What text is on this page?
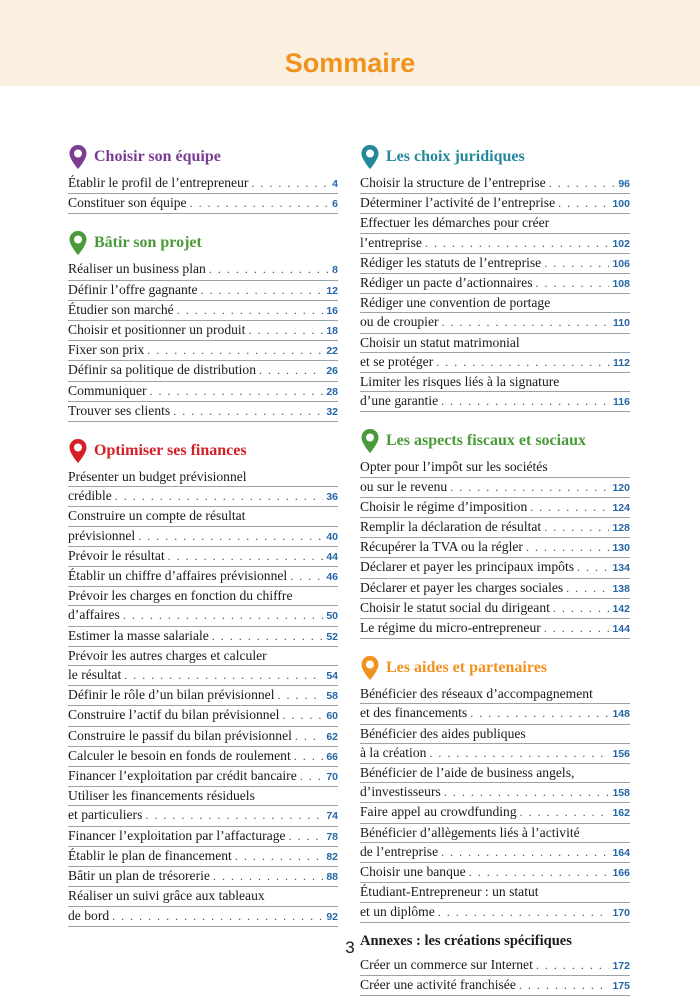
Sommaire
Choisir son équipe
Établir le profil de l’entrepreneur . . .	4
Constituer son équipe . . .	6
Bâtir son projet
Réaliser un business plan . . .	8
Définir l’offre gagnante . . .	12
Étudier son marché . . .	16
Choisir et positionner un produit . . .	18
Fixer son prix . . .	22
Définir sa politique de distribution . . .	26
Communiquer . . .	28
Trouver ses clients . . .	32
Optimiser ses finances
Présenter un budget prévisionnel
crédible . . .	36
Construire un compte de résultat
prévisionnel . . .	40
Prévoir le résultat . . .	44
Établir un chiffre d’affaires prévisionnel . . .	46
Prévoir les charges en fonction du chiffre
d’affaires . . .	50
Estimer la masse salariale . . .	52
Prévoir les autres charges et calculer
le résultat . . .	54
Définir le rôle d’un bilan prévisionnel . . .	58
Construire l’actif du bilan prévisionnel . . .	60
Construire le passif du bilan prévisionnel . . .	62
Calculer le besoin en fonds de roulement . . .	66
Financer l’exploitation par crédit bancaire . . .	70
Utiliser les financements résiduels
et particuliers . . .	74
Financer l’exploitation par l’affacturage . . .	78
Établir le plan de financement . . .	82
Bâtir un plan de trésorerie . . .	88
Réaliser un suivi grâce aux tableaux
de bord . . .	92
Les choix juridiques
Choisir la structure de l’entreprise . . .	96
Déterminer l’activité de l’entreprise . . .	100
Effectuer les démarches pour créer
l’entreprise . . .	102
Rédiger les statuts de l’entreprise . . .	106
Rédiger un pacte d’actionnaires . . .	108
Rédiger une convention de portage
ou de croupier . . .	110
Choisir un statut matrimonial
et se protéger . . .	112
Limiter les risques liés à la signature
d’une garantie . . .	116
Les aspects fiscaux et sociaux
Opter pour l’impôt sur les sociétés
ou sur le revenu . . .	120
Choisir le régime d’imposition . . .	124
Remplir la déclaration de résultat . . .	128
Récupérer la TVA ou la régler . . .	130
Déclarer et payer les principaux impôts . . .	134
Déclarer et payer les charges sociales . . .	138
Choisir le statut social du dirigeant . . .	142
Le régime du micro-entrepreneur . . .	144
Les aides et partenaires
Bénéficier des réseaux d’accompagnement
et des financements . . .	148
Bénéficier des aides publiques
à la création . . .	156
Bénéficier de l’aide de business angels,
d’investisseurs . . .	158
Faire appel au crowdfunding . . .	162
Bénéficier d’allègements liés à l’activité
de l’entreprise . . .	164
Choisir une banque . . .	166
Étudiant-Entrepreneur : un statut
et un diplôme . . .	170
Annexes : les créations spécifiques
Créer un commerce sur Internet . . .	172
Créer une activité franchisée . . .	175
3
